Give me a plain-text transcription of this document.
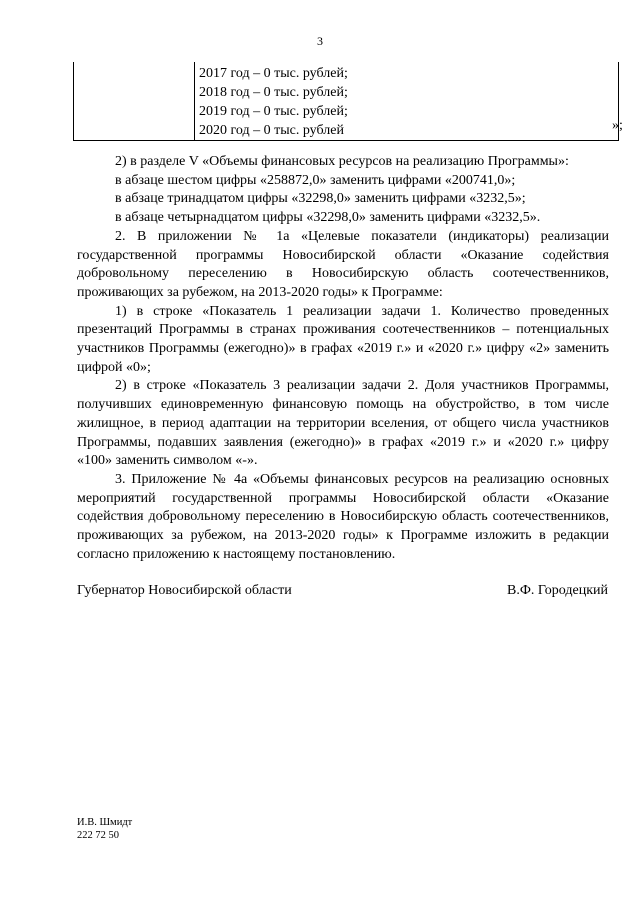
3

2017 год – 0 тыс. рублей;
2018 год – 0 тыс. рублей;
2019 год – 0 тыс. рублей;
2020 год – 0 тыс. рублей	»;

2) в разделе V «Объемы финансовых ресурсов на реализацию Программы»:

в абзаце шестом цифры «258872,0» заменить цифрами «200741,0»;

в абзаце тринадцатом цифры «32298,0» заменить цифрами «3232,5»;

в абзаце четырнадцатом цифры «32298,0» заменить цифрами «3232,5».

2. В приложении № 1а «Целевые показатели (индикаторы) реализации государственной программы Новосибирской области «Оказание содействия добровольному переселению в Новосибирскую область соотечественников, проживающих за рубежом, на 2013-2020 годы» к Программе:

1) в строке «Показатель 1 реализации задачи 1. Количество проведенных презентаций Программы в странах проживания соотечественников – потенциальных участников Программы (ежегодно)» в графах «2019 г.» и «2020 г.» цифру «2» заменить цифрой «0»;

2) в строке «Показатель 3 реализации задачи 2. Доля участников Программы, получивших единовременную финансовую помощь на обустройство, в том числе жилищное, в период адаптации на территории вселения, от общего числа участников Программы, подавших заявления (ежегодно)» в графах «2019 г.» и «2020 г.» цифру «100» заменить символом «-».

3. Приложение № 4а «Объемы финансовых ресурсов на реализацию основных мероприятий государственной программы Новосибирской области «Оказание содействия добровольному переселению в Новосибирскую область соотечественников, проживающих за рубежом, на 2013-2020 годы» к Программе изложить в редакции согласно приложению к настоящему постановлению.

Губернатор Новосибирской области	В.Ф. Городецкий
И.В. Шмидт
222 72 50
